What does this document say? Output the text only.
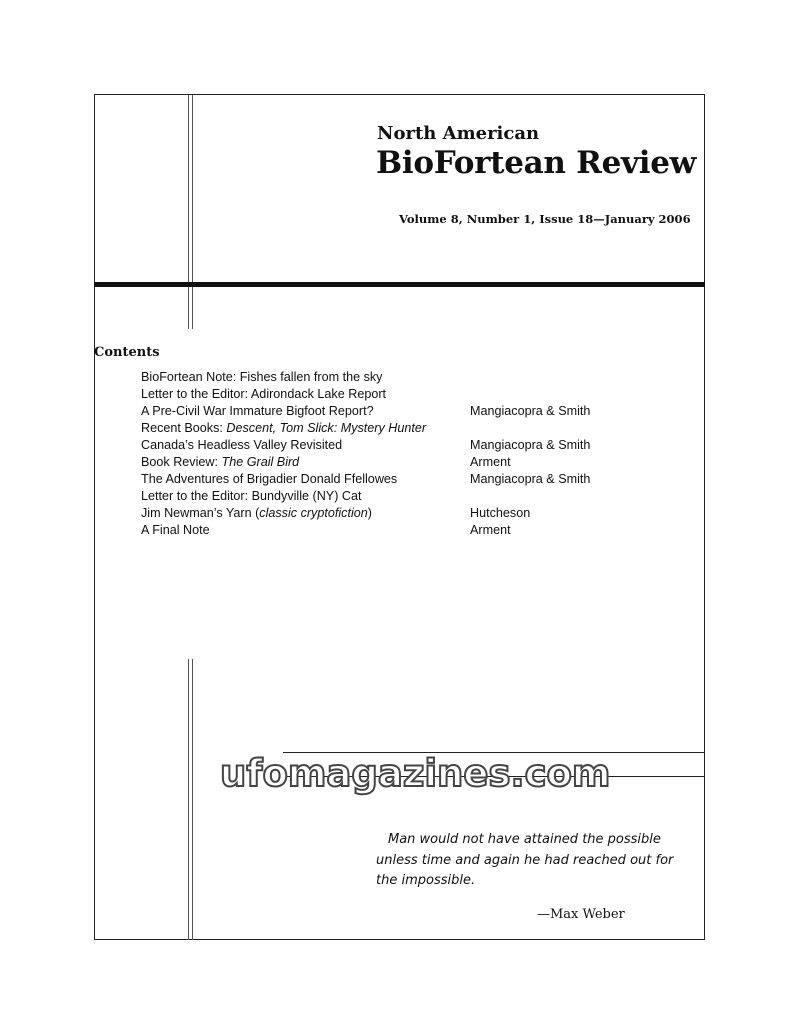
North American
BioFortean Review
Volume 8, Number 1, Issue 18—January 2006
Contents
BioFortean Note: Fishes fallen from the sky
Letter to the Editor: Adirondack Lake Report
A Pre-Civil War Immature Bigfoot Report?	Mangiacopra & Smith
Recent Books: Descent, Tom Slick: Mystery Hunter
Canada’s Headless Valley Revisited	Mangiacopra & Smith
Book Review: The Grail Bird	Arment
The Adventures of Brigadier Donald Ffellowes	Mangiacopra & Smith
Letter to the Editor: Bundyville (NY) Cat
Jim Newman’s Yarn (classic cryptofiction)	Hutcheson
A Final Note	Arment
ufomagazines.com
Man would not have attained the possible
unless time and again he had reached out for
the impossible.
—Max Weber
